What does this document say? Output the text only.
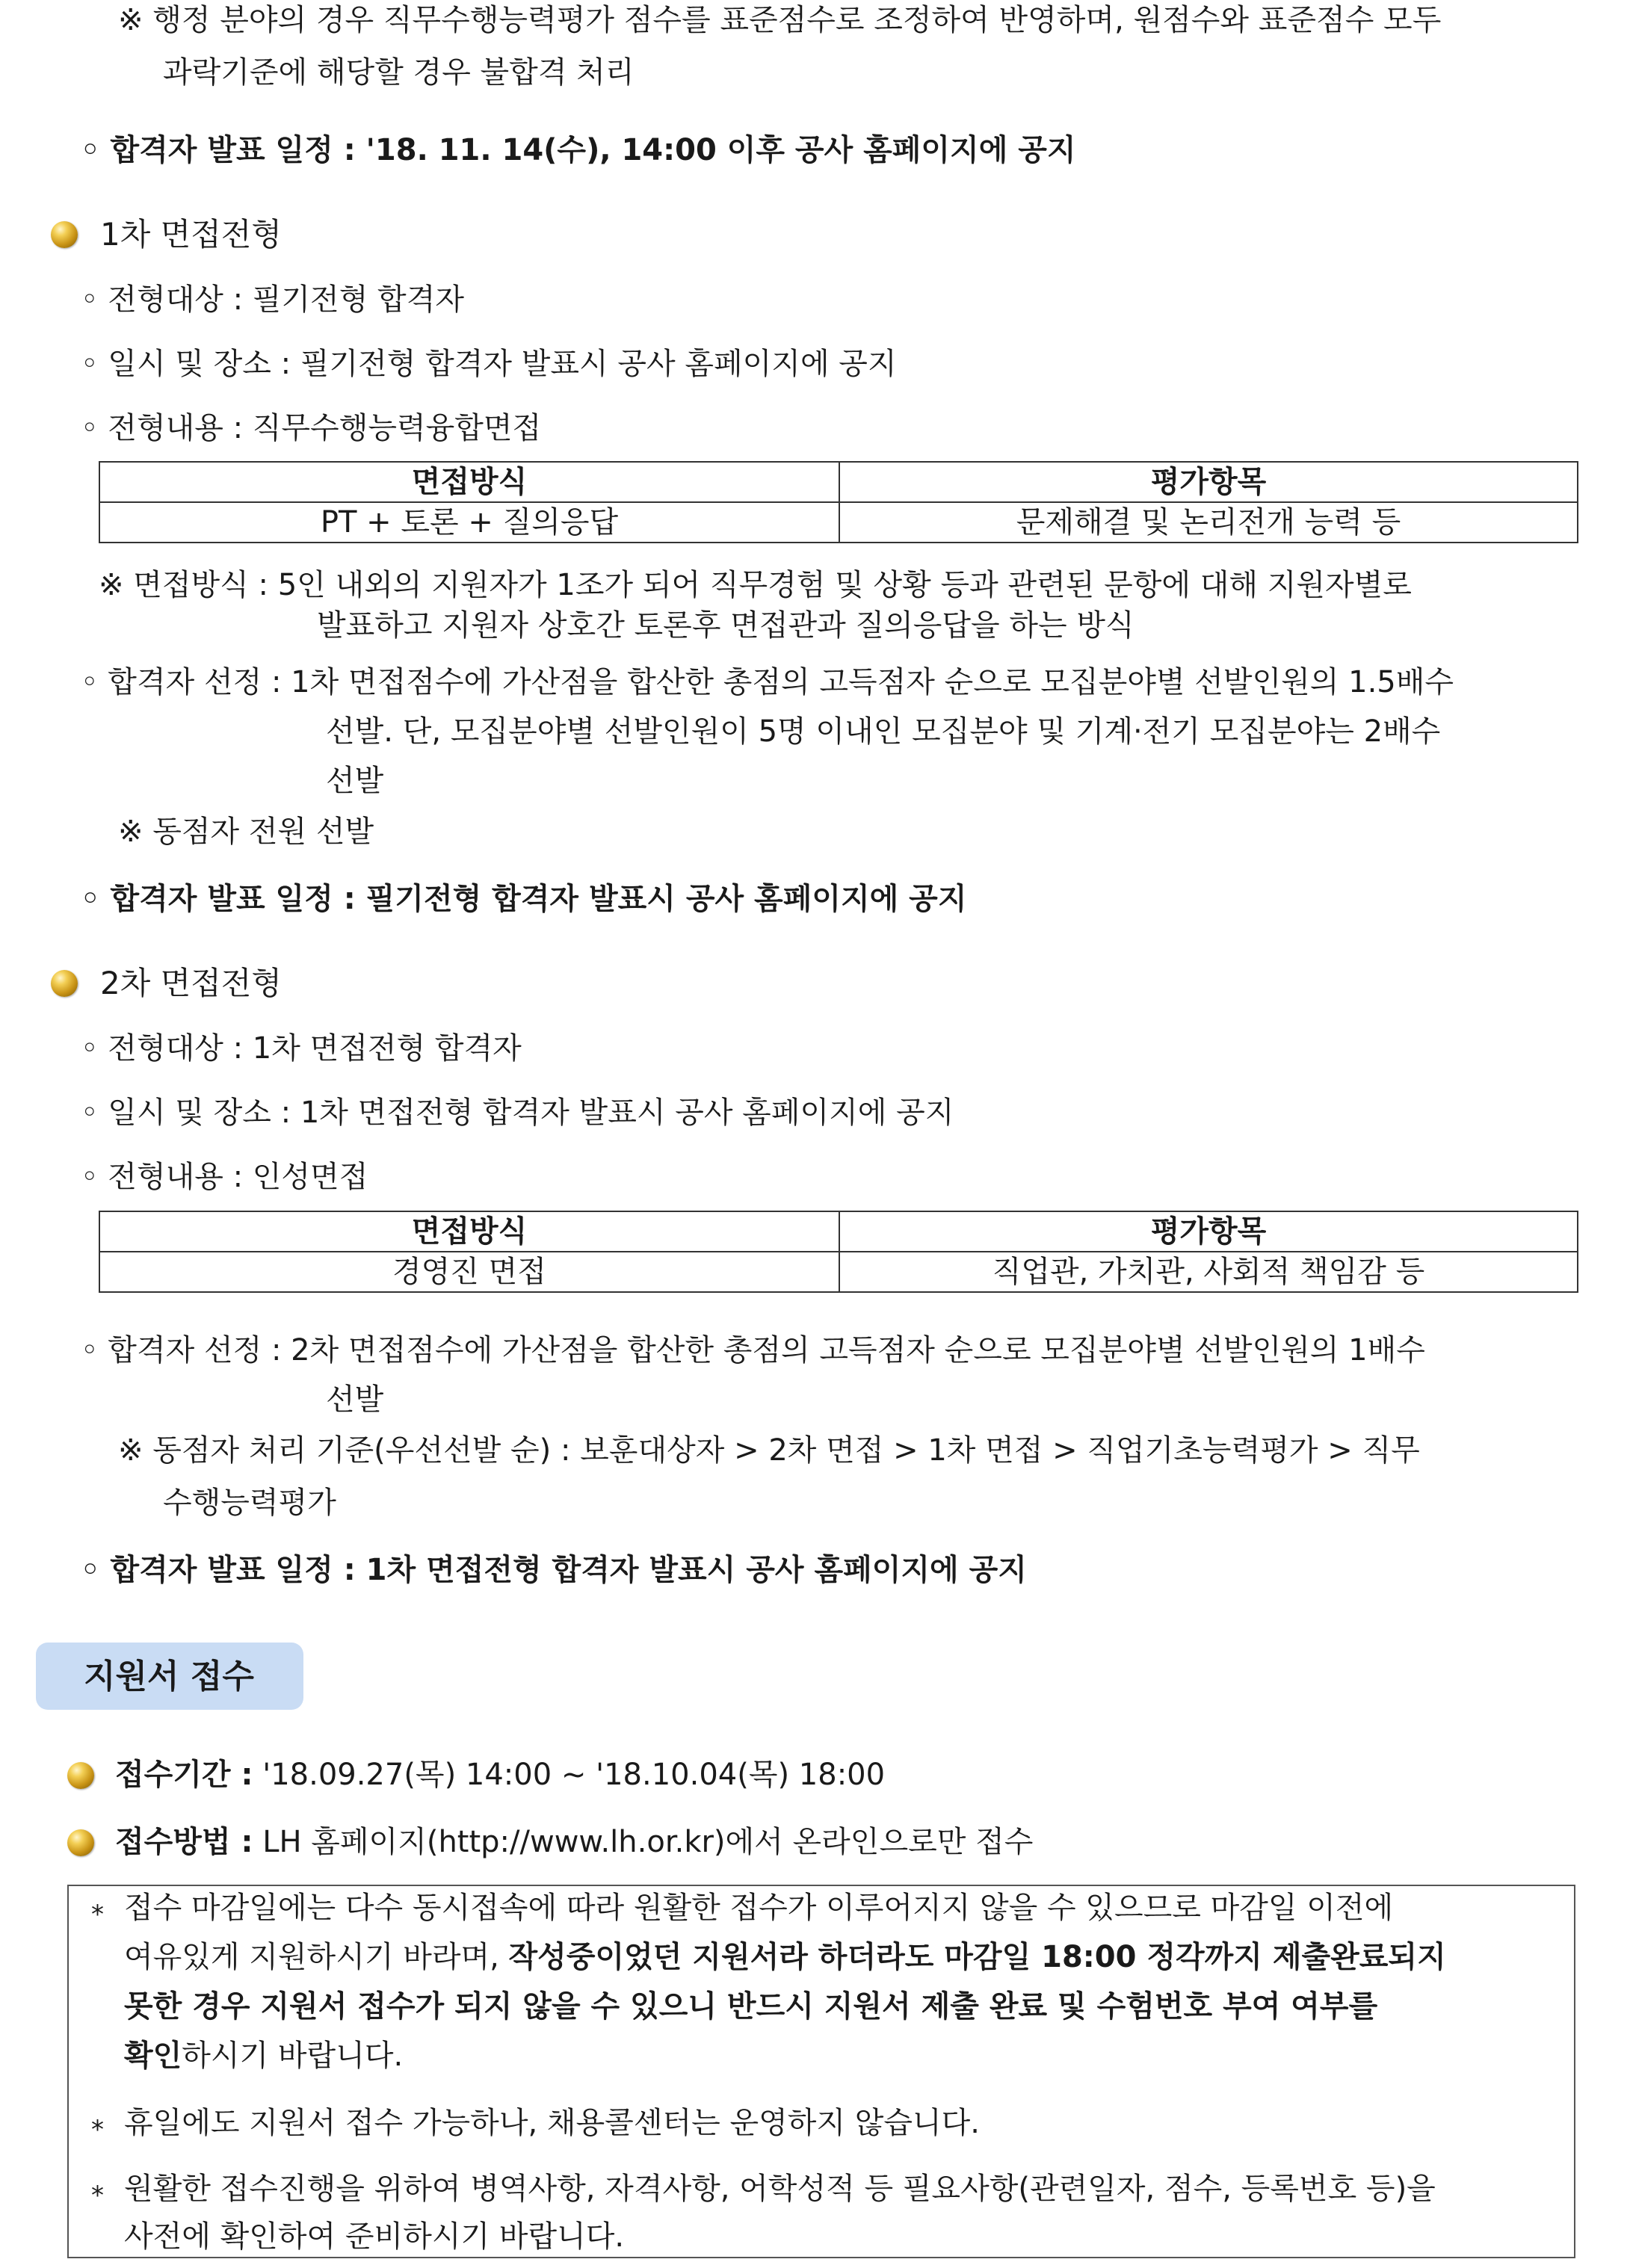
※ 행정 분야의 경우 직무수행능력평가 점수를 표준점수로 조정하여 반영하며, 원점수와 표준점수 모두
과락기준에 해당할 경우 불합격 처리
◦ 합격자 발표 일정 : '18. 11. 14(수), 14:00 이후 공사 홈페이지에 공지
1차 면접전형
◦ 전형대상 : 필기전형 합격자
◦ 일시 및 장소 : 필기전형 합격자 발표시 공사 홈페이지에 공지
◦ 전형내용 : 직무수행능력융합면접
면접방식	평가항목
PT + 토론 + 질의응답	문제해결 및 논리전개 능력 등
※ 면접방식 : 5인 내외의 지원자가 1조가 되어 직무경험 및 상황 등과 관련된 문항에 대해 지원자별로
발표하고 지원자 상호간 토론후 면접관과 질의응답을 하는 방식
◦ 합격자 선정 : 1차 면접점수에 가산점을 합산한 총점의 고득점자 순으로 모집분야별 선발인원의 1.5배수
선발. 단, 모집분야별 선발인원이 5명 이내인 모집분야 및 기계·전기 모집분야는 2배수
선발
※ 동점자 전원 선발
◦ 합격자 발표 일정 : 필기전형 합격자 발표시 공사 홈페이지에 공지
2차 면접전형
◦ 전형대상 : 1차 면접전형 합격자
◦ 일시 및 장소 : 1차 면접전형 합격자 발표시 공사 홈페이지에 공지
◦ 전형내용 : 인성면접
면접방식	평가항목
경영진 면접	직업관, 가치관, 사회적 책임감 등
◦ 합격자 선정 : 2차 면접점수에 가산점을 합산한 총점의 고득점자 순으로 모집분야별 선발인원의 1배수
선발
※ 동점자 처리 기준(우선선발 순) : 보훈대상자 > 2차 면접 > 1차 면접 > 직업기초능력평가 > 직무
수행능력평가
◦ 합격자 발표 일정 : 1차 면접전형 합격자 발표시 공사 홈페이지에 공지
지원서 접수
접수기간 : '18.09.27(목) 14:00 ~ '18.10.04(목) 18:00
접수방법 : LH 홈페이지(http://www.lh.or.kr)에서 온라인으로만 접수
* 접수 마감일에는 다수 동시접속에 따라 원활한 접수가 이루어지지 않을 수 있으므로 마감일 이전에
여유있게 지원하시기 바라며, 작성중이었던 지원서라 하더라도 마감일 18:00 정각까지 제출완료되지
못한 경우 지원서 접수가 되지 않을 수 있으니 반드시 지원서 제출 완료 및 수험번호 부여 여부를
확인하시기 바랍니다.
* 휴일에도 지원서 접수 가능하나, 채용콜센터는 운영하지 않습니다.
* 원활한 접수진행을 위하여 병역사항, 자격사항, 어학성적 등 필요사항(관련일자, 점수, 등록번호 등)을
사전에 확인하여 준비하시기 바랍니다.
